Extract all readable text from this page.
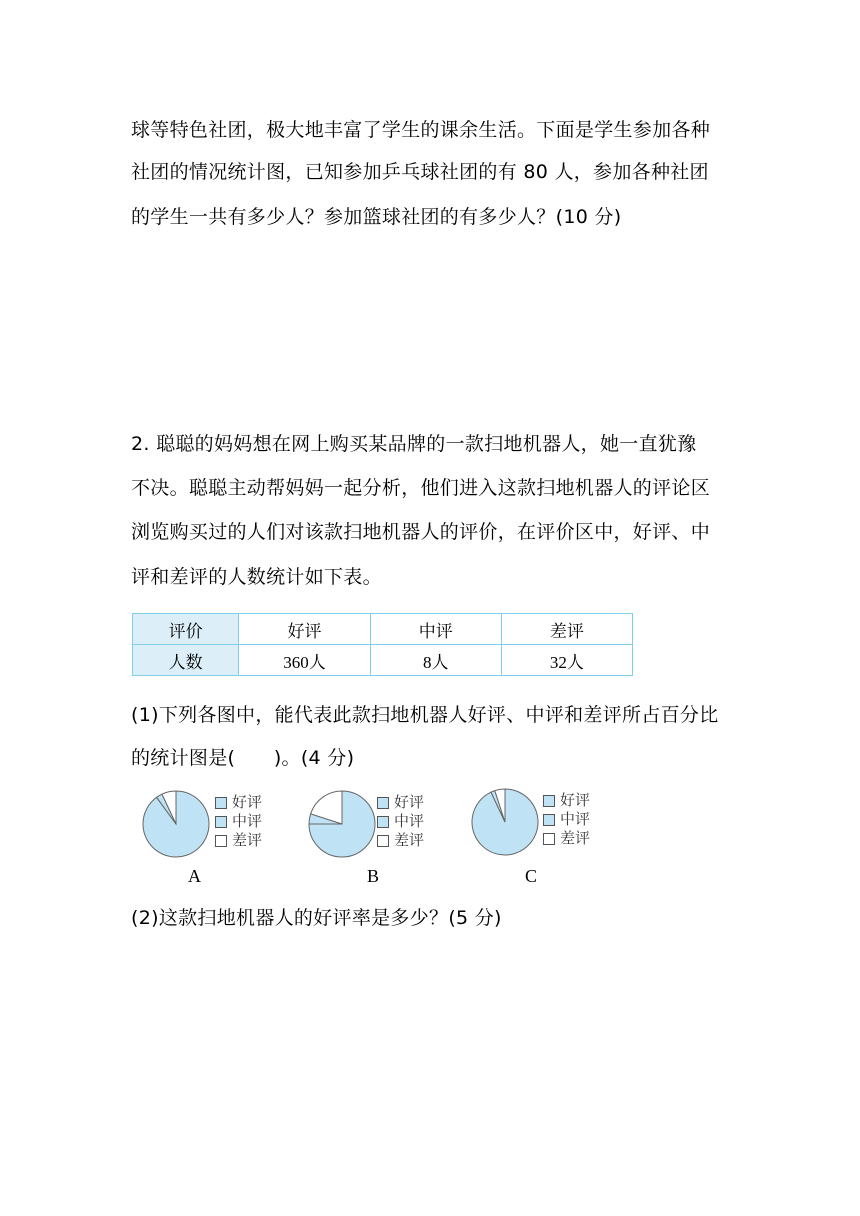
球等特色社团，极大地丰富了学生的课余生活。下面是学生参加各种
社团的情况统计图，已知参加乒乓球社团的有 80 人，参加各种社团
的学生一共有多少人？参加篮球社团的有多少人？(10 分)
2. 聪聪的妈妈想在网上购买某品牌的一款扫地机器人，她一直犹豫
不决。聪聪主动帮妈妈一起分析，他们进入这款扫地机器人的评论区
浏览购买过的人们对该款扫地机器人的评价，在评价区中，好评、中
评和差评的人数统计如下表。
评价	好评	中评	差评
人数	360人	8人	32人
(1)下列各图中，能代表此款扫地机器人好评、中评和差评所占百分比
的统计图是(　　)。(4 分)
好评
中评
差评
好评
中评
差评
好评
中评
差评
A	B	C
(2)这款扫地机器人的好评率是多少？(5 分)
